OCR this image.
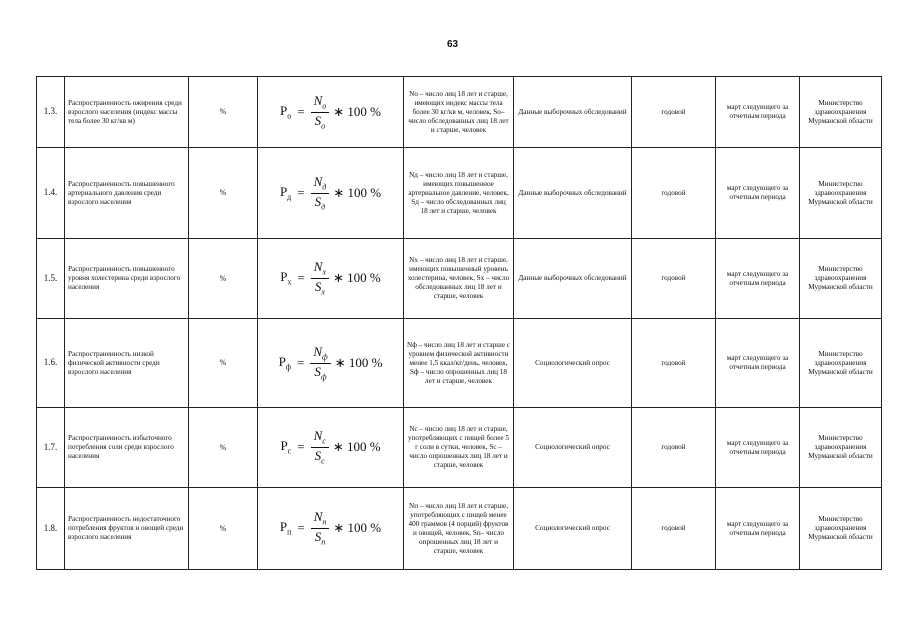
63
1.3.	Распространенность ожирения среди взрослого населения (индекс массы тела более 30 кг/кв м)	%	$P_о = \frac{N_o}{S_o}$ ∗ 100 %	No – число лиц 18 лет и старше, имеющих индекс массы тела более 30 кг/кв м, человек, So– число обследованных лиц 18 лет и старше, человек	Данные выборочных обследований	годовой	март следующего за отчетным периода	Министерство здравоохранения Мурманской области
1.4.	Распространенность повышенного артериального давления среди взрослого населения	%	$P_д = \frac{N_д}{S_д}$ ∗ 100 %	Nд – число лиц 18 лет и старше, имеющих повышенное артериальное давление, человек, Sд – число обследованных лиц 18 лет и старше, человек	Данные выборочных обследований	годовой	март следующего за отчетным периода	Министерство здравоохранения Мурманской области
1.5.	Распространенность повышенного уровня холестерина среди взрослого населения	%	$P_х = \frac{N_x}{S_x}$ ∗ 100 %	Nx – число лиц 18 лет и старше, имеющих повышенный уровень холестерина, человек, Sx – число обследованных лиц 18 лет и старше, человек	Данные выборочных обследований	годовой	март следующего за отчетным периода	Министерство здравоохранения Мурманской области
1.6.	Распространенность низкой физической активности среди взрослого населения	%	$P_ф = \frac{N_ф}{S_ф}$ ∗ 100 %	Nф – число лиц 18 лет и старше с уровнем физической активности менее 1,5 ккал/кг/день, человек, Sф – число опрошенных лиц 18 лет и старше, человек	Социологический опрос	годовой	март следующего за отчетным периода	Министерство здравоохранения Мурманской области
1.7.	Распространенность избыточного потребления соли среди взрослого населения	%	$P_с = \frac{N_c}{S_c}$ ∗ 100 %	Nс – число лиц 18 лет и старше, употребляющих с пищей более 5 г соли в сутки, человек, Sс – число опрошенных лиц 18 лет и старше, человек	Социологический опрос	годовой	март следующего за отчетным периода	Министерство здравоохранения Мурманской области
1.8.	Распространенность недостаточного потребления фруктов и овощей среди взрослого населения	%	$P_п = \frac{N_п}{S_п}$ ∗ 100 %	Nп – число лиц 18 лет и старше, употребляющих с пищей менее 400 граммов (4 порций) фруктов и овощей, человек, Sп– число опрошенных лиц 18 лет и старше, человек	Социологический опрос	годовой	март следующего за отчетным периода	Министерство здравоохранения Мурманской области
